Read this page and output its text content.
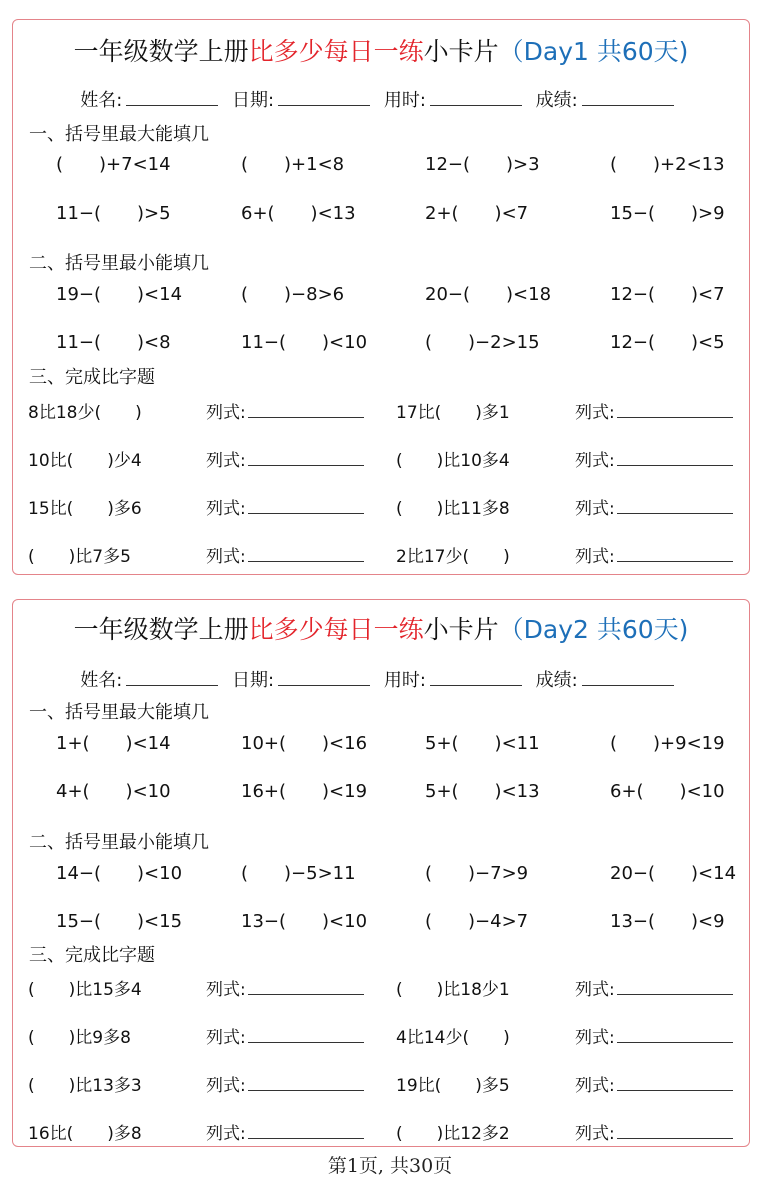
一年级数学上册比多少每日一练小卡片（Day1 共60天)
姓名:	日期:	用时:	成绩:
一、括号里最大能填几
(　　)+7<14	(　　)+1<8	12−(　　)>3	(　　)+2<13
11−(　　)>5	6+(　　)<13	2+(　　)<7	15−(　　)>9
二、括号里最小能填几
19−(　　)<14	(　　)−8>6	20−(　　)<18	12−(　　)<7
11−(　　)<8	11−(　　)<10	(　　)−2>15	12−(　　)<5
三、完成比字题
8比18少(　　)	列式:	17比(　　)多1	列式:
10比(　　)少4	列式:	(　　)比10多4	列式:
15比(　　)多6	列式:	(　　)比11多8	列式:
(　　)比7多5	列式:	2比17少(　　)	列式:
一年级数学上册比多少每日一练小卡片（Day2 共60天)
姓名:	日期:	用时:	成绩:
一、括号里最大能填几
1+(　　)<14	10+(　　)<16	5+(　　)<11	(　　)+9<19
4+(　　)<10	16+(　　)<19	5+(　　)<13	6+(　　)<10
二、括号里最小能填几
14−(　　)<10	(　　)−5>11	(　　)−7>9	20−(　　)<14
15−(　　)<15	13−(　　)<10	(　　)−4>7	13−(　　)<9
三、完成比字题
(　　)比15多4	列式:	(　　)比18少1	列式:
(　　)比9多8	列式:	4比14少(　　)	列式:
(　　)比13多3	列式:	19比(　　)多5	列式:
16比(　　)多8	列式:	(　　)比12多2	列式:
第1页, 共30页
